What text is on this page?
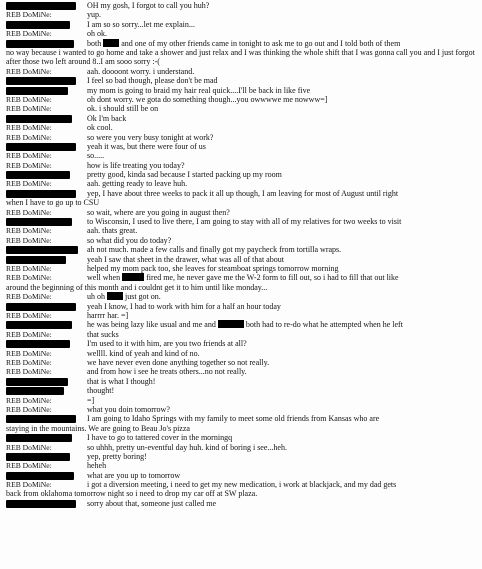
OH my gosh, I forgot to call you huh?
REB DoMiNe:	yup.
I am so so sorry...let me explain...
REB DoMiNe:	oh ok.
both	and one of my other friends came in tonight to ask me to go out and I told both of them
no way because i wanted to go home and take a shower and just relax and I was thinking the whole shift that I was gonna call you and I just forgot after those two left around 8..I am sooo sorry :-(
REB DoMiNe:	aah. doooont worry. i understand.
I feel so bad though, please don't be mad
my mom is going to braid my hair real quick....I'll be back in like five
REB DoMiNe:	oh dont worry. we gota do something though...you owwwwe me nowww=]
REB DoMiNe:	ok. i should still be on
Ok I'm back
REB DoMiNe:	ok cool.
REB DoMiNe:	so were you very busy tonight at work?
yeah it was, but there were four of us
REB DoMiNe:	so.....
REB DoMiNe:	how is life treating you today?
pretty good, kinda sad because I started packing up my room
REB DoMiNe:	aah. getting ready to leave huh.
yep, I have about three weeks to pack it all up though, I am leaving for most of August until right
when I have to go up to CSU
REB DoMiNe:	so wait, where are you going in august then?
to Wisconsin, I used to live there, I am going to stay with all of my relatives for two weeks to visit
REB DoMiNe:	aah. thats great.
REB DoMiNe:	so what did you do today?
ah not much. made a few calls and finally got my paycheck from tortilla wraps.
yeah I saw that sheet in the drawer, what was all of that about
REB DoMiNe:	helped my mom pack too, she leaves for steamboat springs tomorrow morning
REB DoMiNe:	well when	fired me, he never gave me the W-2 form to fill out, so i had to fill that out like
around the beginning of this month and i couldnt get it to him until like monday...
REB DoMiNe:	uh oh	just got on.
yeah I know, I had to work with him for a half an hour today
REB DoMiNe:	harrrr har. =]
he was being lazy like usual and me and	both had to re-do what he attempted when he left
REB DoMiNe:	that sucks
I'm used to it with him, are you two friends at all?
REB DoMiNe:	wellll. kind of yeah and kind of no.
REB DoMiNe:	we have never even done anything together so not really.
REB DoMiNe:	and from how i see he treats others...no not really.
that is what I though!
thought!
REB DoMiNe:	=]
REB DoMiNe:	what you doin tomorrow?
I am going to Idaho Springs with my family to meet some old friends from Kansas who are
staying in the mountains. We are going to Beau Jo's pizza
I have to go to tattered cover in the morningq
REB DoMiNe:	so uhhh, pretty un-eventful day huh. kind of boring i see...heh.
yep, pretty boring!
REB DoMiNe:	heheh
what are you up to tomorrow
REB DoMiNe:	i got a diversion meeting, i need to get my new medication, i work at blackjack, and my dad gets
back from oklahoma tomorrow night so i need to drop my car off at SW plaza.
sorry about that, someone just called me
